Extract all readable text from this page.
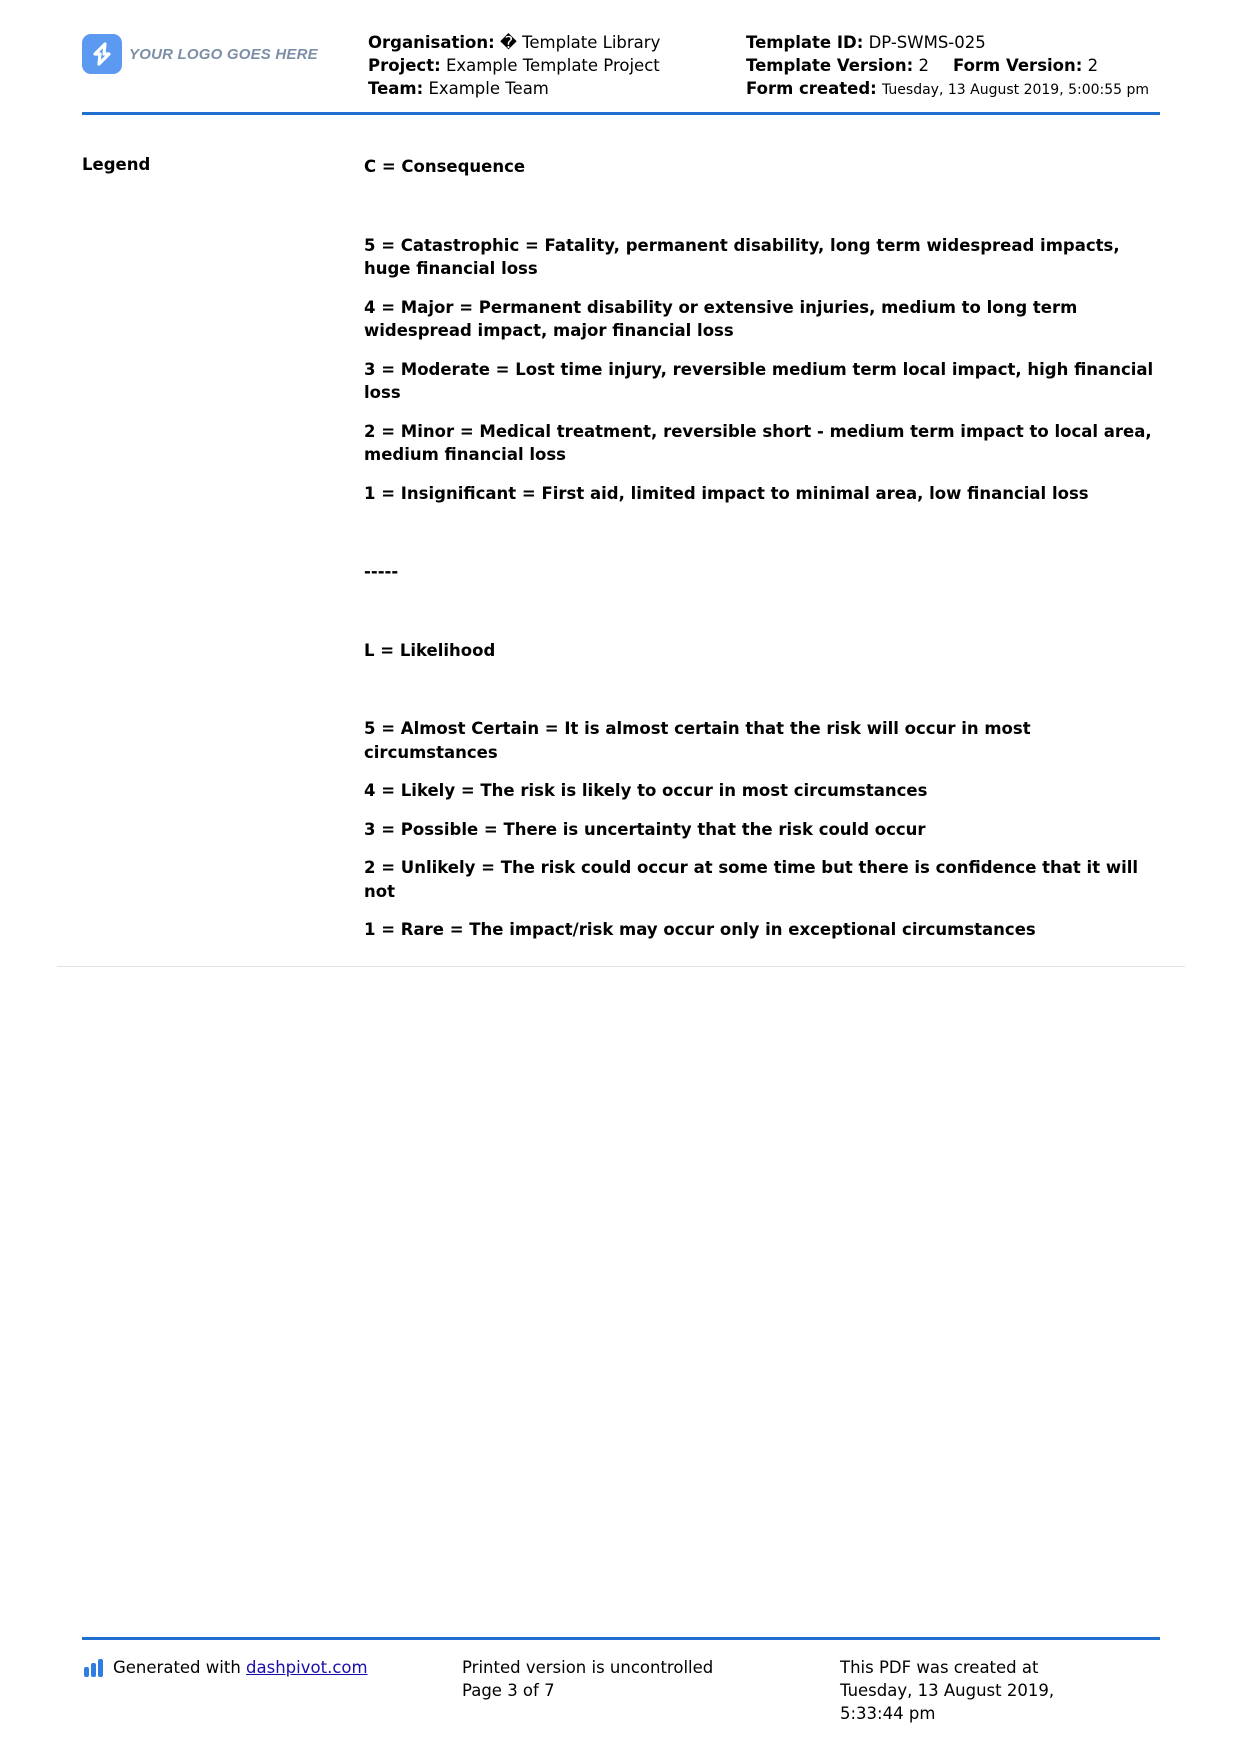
YOUR LOGO GOES HERE
Organisation: � Template Library
Project: Example Template Project
Team: Example Team
Template ID: DP-SWMS-025
Template Version: 2 Form Version: 2
Form created: Tuesday, 13 August 2019, 5:00:55 pm
Legend	C = Consequence

5 = Catastrophic = Fatality, permanent disability, long term widespread impacts, huge financial loss

4 = Major = Permanent disability or extensive injuries, medium to long term widespread impact, major financial loss

3 = Moderate = Lost time injury, reversible medium term local impact, high financial loss

2 = Minor = Medical treatment, reversible short - medium term impact to local area, medium financial loss

1 = Insignificant = First aid, limited impact to minimal area, low financial loss

-----

L = Likelihood

5 = Almost Certain = It is almost certain that the risk will occur in most circumstances

4 = Likely = The risk is likely to occur in most circumstances

3 = Possible = There is uncertainty that the risk could occur

2 = Unlikely = The risk could occur at some time but there is confidence that it will not

1 = Rare = The impact/risk may occur only in exceptional circumstances

Generated with
dashpivot.com	Printed version is uncontrolled
Page 3 of 7
This PDF was created at Tuesday, 13 August 2019, 5:33:44 pm
